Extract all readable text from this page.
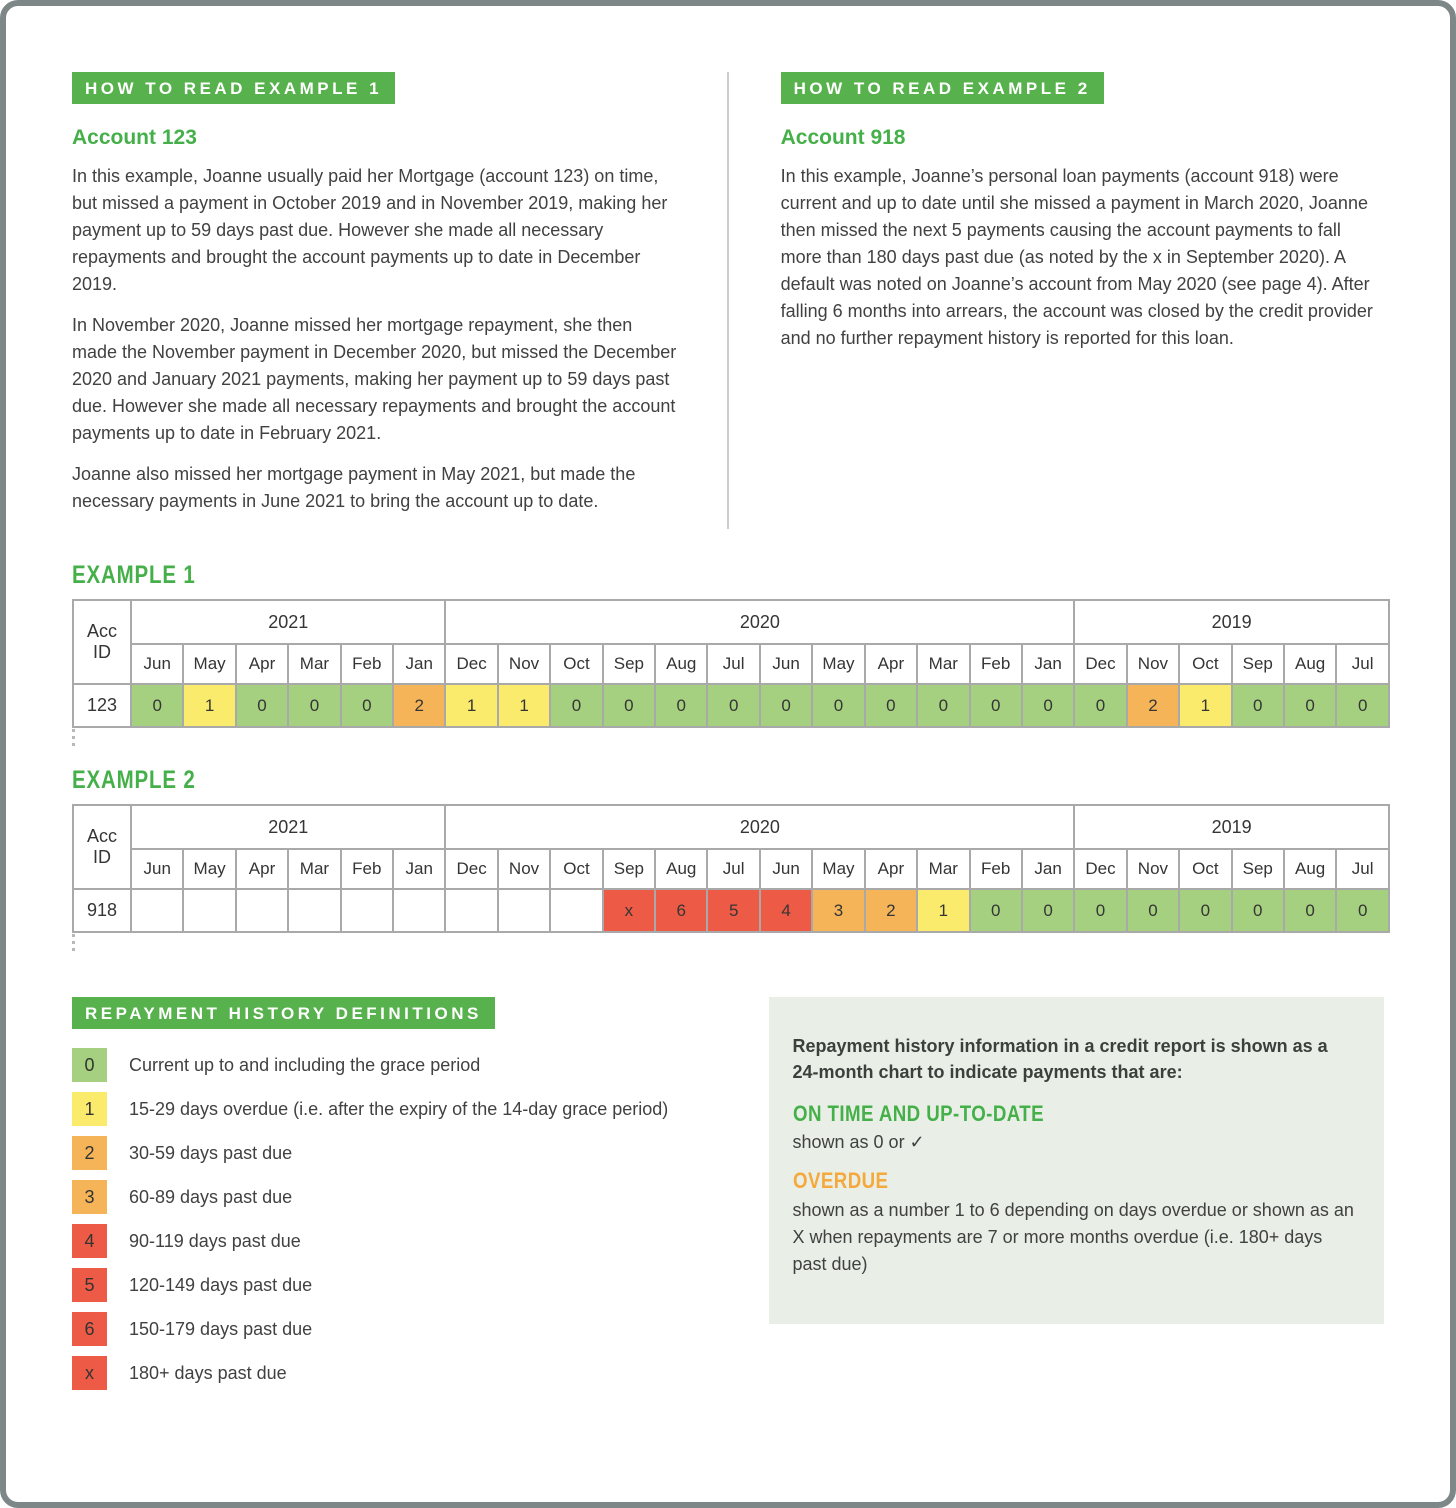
HOW TO READ EXAMPLE 1
Account 123

In this example, Joanne usually paid her Mortgage (account 123) on time, but missed a payment in October 2019 and in November 2019, making her payment up to 59 days past due. However she made all necessary repayments and brought the account payments up to date in December 2019.

In November 2020, Joanne missed her mortgage repayment, she then made the November payment in December 2020, but missed the December 2020 and January 2021 payments, making her payment up to 59 days past due. However she made all necessary repayments and brought the account payments up to date in February 2021.

Joanne also missed her mortgage payment in May 2021, but made the necessary payments in June 2021 to bring the account up to date.

HOW TO READ EXAMPLE 2
Account 918

In this example, Joanne’s personal loan payments (account 918) were current and up to date until she missed a payment in March 2020, Joanne then missed the next 5 payments causing the account payments to fall more than 180 days past due (as noted by the x in September 2020). A default was noted on Joanne’s account from May 2020 (see page 4). After falling 6 months into arrears, the account was closed by the credit provider and no further repayment history is reported for this loan.

EXAMPLE 1
Acc
ID	2021						2020												2019					
	Jun	May	Apr	Mar	Feb	Jan	Dec	Nov	Oct	Sep	Aug	Jul	Jun	May	Apr	Mar	Feb	Jan	Dec	Nov	Oct	Sep	Aug	Jul
123	0	1	0	0	0	2	1	1	0	0	0	0	0	0	0	0	0	0	0	2	1	0	0	0
EXAMPLE 2
Acc
ID	2021						2020												2019					
	Jun	May	Apr	Mar	Feb	Jan	Dec	Nov	Oct	Sep	Aug	Jul	Jun	May	Apr	Mar	Feb	Jan	Dec	Nov	Oct	Sep	Aug	Jul
918										x	6	5	4	3	2	1	0	0	0	0	0	0	0	0
REPAYMENT HISTORY DEFINITIONS
0	Current up to and including the grace period
1	15-29 days overdue (i.e. after the expiry of the 14-day grace period)
2	30-59 days past due
3	60-89 days past due
4	90-119 days past due
5	120-149 days past due
6	150-179 days past due
x	180+ days past due

Repayment history information in a credit report is shown as a 24-month chart to indicate payments that are:

ON TIME AND UP-TO-DATE

shown as 0 or ✓

OVERDUE

shown as a number 1 to 6 depending on days overdue or shown as an X when repayments are 7 or more months overdue (i.e. 180+ days past due)
